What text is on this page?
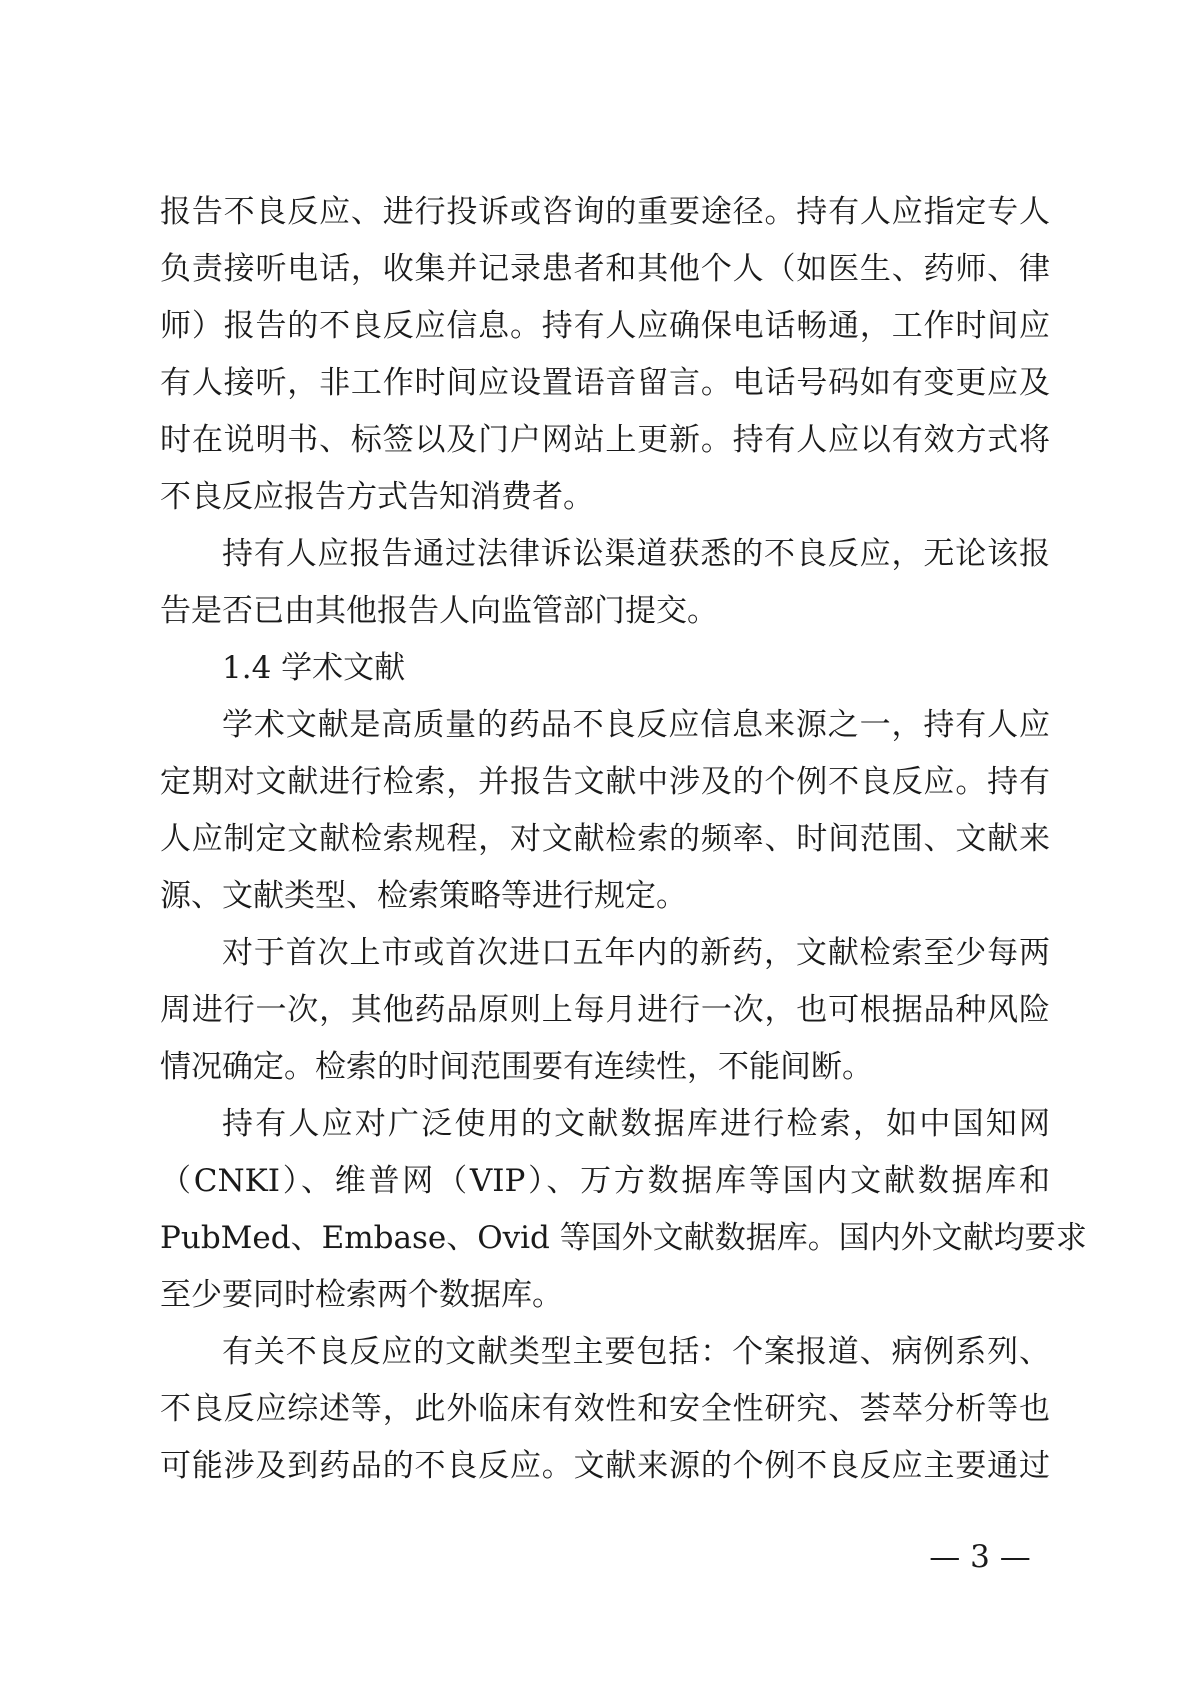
报告不良反应、进行投诉或咨询的重要途径。持有人应指定专人
负责接听电话，收集并记录患者和其他个人（如医生、药师、律
师）报告的不良反应信息。持有人应确保电话畅通，工作时间应
有人接听，非工作时间应设置语音留言。电话号码如有变更应及
时在说明书、标签以及门户网站上更新。持有人应以有效方式将
不良反应报告方式告知消费者。
持有人应报告通过法律诉讼渠道获悉的不良反应，无论该报
告是否已由其他报告人向监管部门提交。
1.4 学术文献
学术文献是高质量的药品不良反应信息来源之一，持有人应
定期对文献进行检索，并报告文献中涉及的个例不良反应。持有
人应制定文献检索规程，对文献检索的频率、时间范围、文献来
源、文献类型、检索策略等进行规定。
对于首次上市或首次进口五年内的新药，文献检索至少每两
周进行一次，其他药品原则上每月进行一次，也可根据品种风险
情况确定。检索的时间范围要有连续性，不能间断。
持有人应对广泛使用的文献数据库进行检索，如中国知网
（CNKI）、维普网（VIP）、万方数据库等国内文献数据库和
PubMed、Embase、Ovid 等国外文献数据库。国内外文献均要求
至少要同时检索两个数据库。
有关不良反应的文献类型主要包括：个案报道、病例系列、
不良反应综述等，此外临床有效性和安全性研究、荟萃分析等也
可能涉及到药品的不良反应。文献来源的个例不良反应主要通过
— 3 —
